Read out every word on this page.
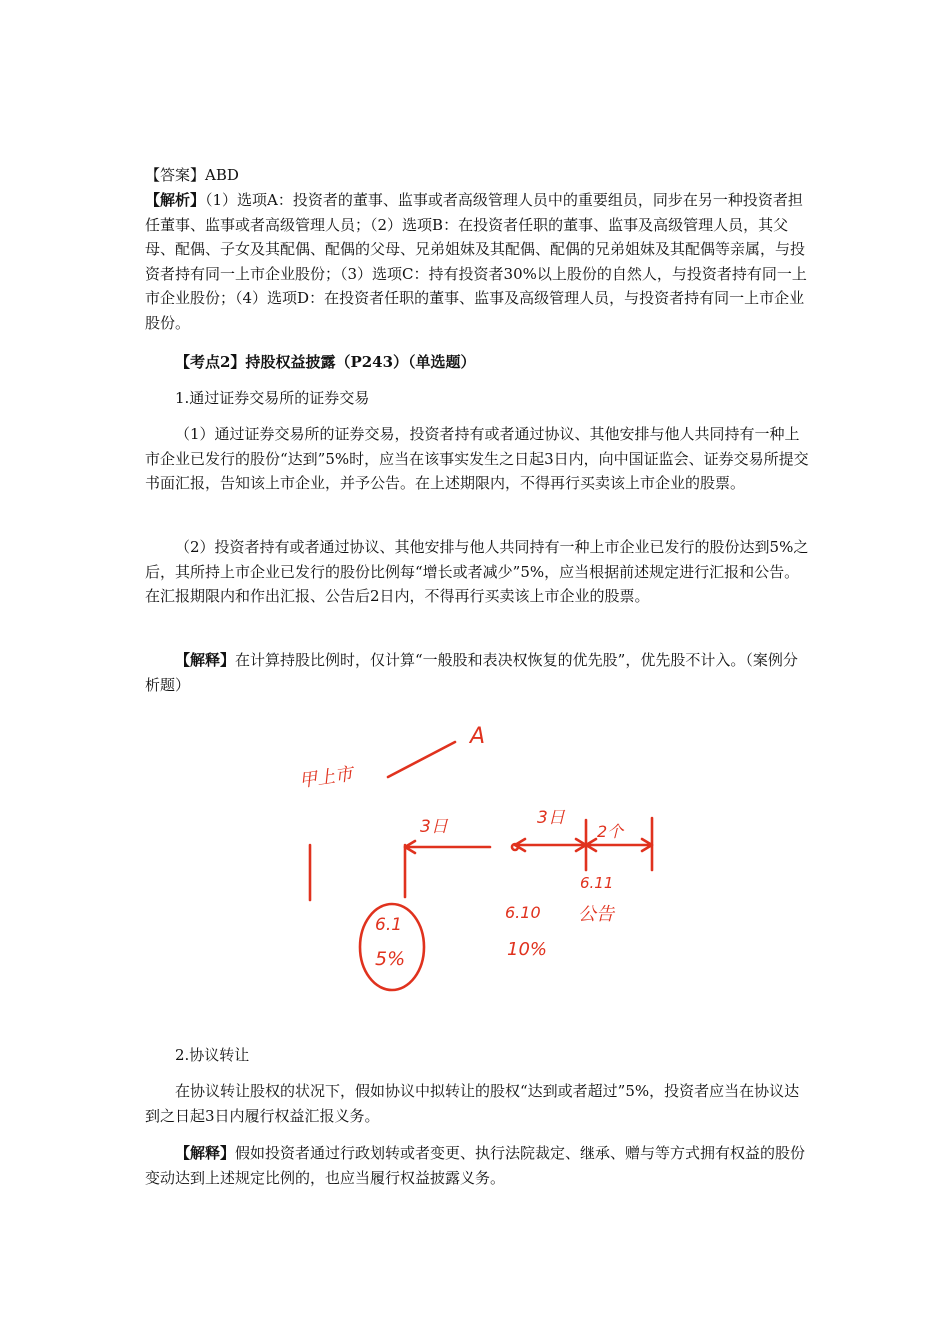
【答案】ABD

【解析】（1）选项A：投资者的董事、监事或者高级管理人员中的重要组员，同步在另一种投资者担任董事、监事或者高级管理人员；（2）选项B：在投资者任职的董事、监事及高级管理人员，其父母、配偶、子女及其配偶、配偶的父母、兄弟姐妹及其配偶、配偶的兄弟姐妹及其配偶等亲属，与投资者持有同一上市企业股份；（3）选项C：持有投资者30%以上股份的自然人，与投资者持有同一上市企业股份；（4）选项D：在投资者任职的董事、监事及高级管理人员，与投资者持有同一上市企业股份。

【考点2】持股权益披露（P243）（单选题）
1.通过证券交易所的证券交易

（1）通过证券交易所的证券交易，投资者持有或者通过协议、其他安排与他人共同持有一种上市企业已发行的股份“达到”5%时，应当在该事实发生之日起3日内，向中国证监会、证券交易所提交书面汇报，告知该上市企业，并予公告。在上述期限内，不得再行买卖该上市企业的股票。

（2）投资者持有或者通过协议、其他安排与他人共同持有一种上市企业已发行的股份达到5%之后，其所持上市企业已发行的股份比例每“增长或者减少”5%，应当根据前述规定进行汇报和公告。在汇报期限内和作出汇报、公告后2日内，不得再行买卖该上市企业的股票。

【解释】在计算持股比例时，仅计算“一般股和表决权恢复的优先股”，优先股不计入。（案例分析题）

A
甲上市
3日	3日
2个
6.11
公告
6.1
5%
6.10
10%
2.协议转让

在协议转让股权的状况下，假如协议中拟转让的股权“达到或者超过”5%，投资者应当在协议达到之日起3日内履行权益汇报义务。

【解释】假如投资者通过行政划转或者变更、执行法院裁定、继承、赠与等方式拥有权益的股份变动达到上述规定比例的，也应当履行权益披露义务。
